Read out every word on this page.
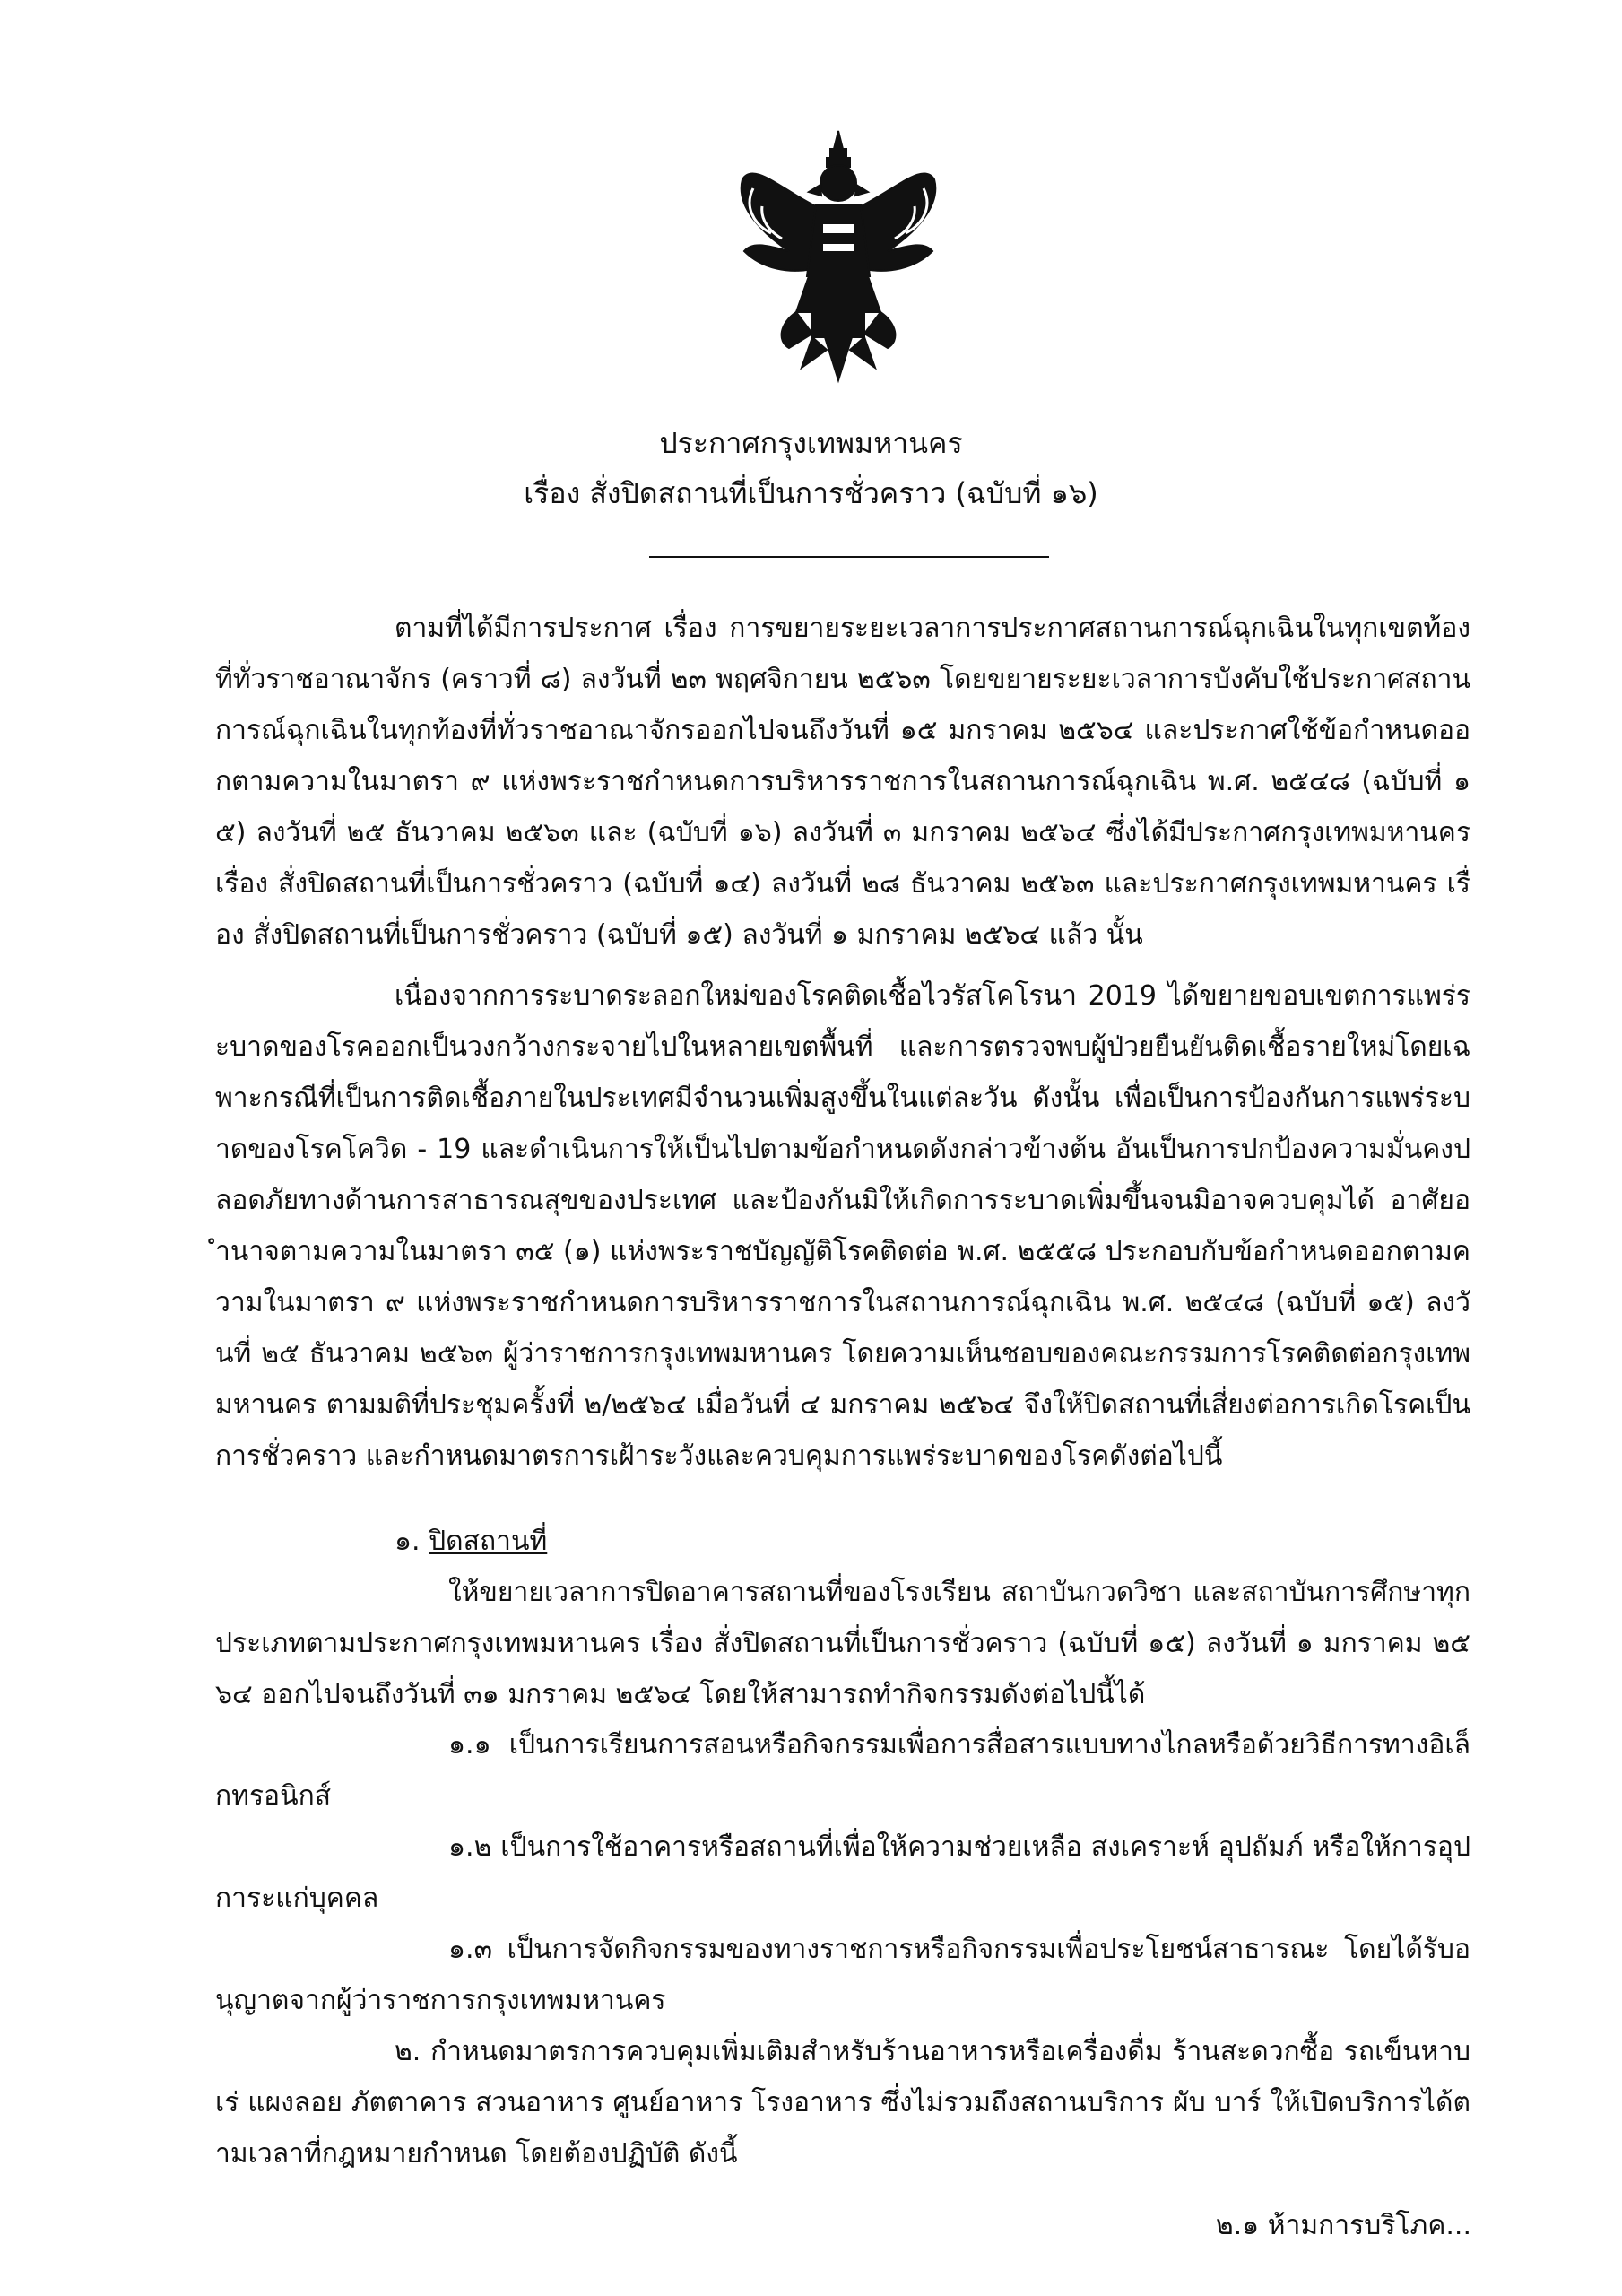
ประกาศกรุงเทพมหานคร
เรื่อง สั่งปิดสถานที่เป็นการชั่วคราว (ฉบับที่ ๑๖)
ตามที่ได้มีการประกาศ เรื่อง การขยายระยะเวลาการประกาศสถานการณ์ฉุกเฉินในทุกเขตท้องที่ทั่วราชอาณาจักร (คราวที่ ๘) ลงวันที่ ๒๓ พฤศจิกายน ๒๕๖๓ โดยขยายระยะเวลาการบังคับใช้ประกาศสถานการณ์ฉุกเฉินในทุกท้องที่ทั่วราชอาณาจักรออกไปจนถึงวันที่ ๑๕ มกราคม ๒๕๖๔ และประกาศใช้ข้อกำหนดออกตามความในมาตรา ๙ แห่งพระราชกำหนดการบริหารราชการในสถานการณ์ฉุกเฉิน พ.ศ. ๒๕๔๘ (ฉบับที่ ๑๕) ลงวันที่ ๒๕ ธันวาคม ๒๕๖๓ และ (ฉบับที่ ๑๖) ลงวันที่ ๓ มกราคม ๒๕๖๔ ซึ่งได้มีประกาศกรุงเทพมหานคร เรื่อง สั่งปิดสถานที่เป็นการชั่วคราว (ฉบับที่ ๑๔) ลงวันที่ ๒๘ ธันวาคม ๒๕๖๓ และประกาศกรุงเทพมหานคร เรื่อง สั่งปิดสถานที่เป็นการชั่วคราว (ฉบับที่ ๑๕) ลงวันที่ ๑ มกราคม ๒๕๖๔ แล้ว นั้น
เนื่องจากการระบาดระลอกใหม่ของโรคติดเชื้อไวรัสโคโรนา 2019 ได้ขยายขอบเขตการแพร่ระบาดของโรคออกเป็นวงกว้างกระจายไปในหลายเขตพื้นที่ และการตรวจพบผู้ป่วยยืนยันติดเชื้อรายใหม่โดยเฉพาะกรณีที่เป็นการติดเชื้อภายในประเทศมีจำนวนเพิ่มสูงขึ้นในแต่ละวัน ดังนั้น เพื่อเป็นการป้องกันการแพร่ระบาดของโรคโควิด - 19 และดำเนินการให้เป็นไปตามข้อกำหนดดังกล่าวข้างต้น อันเป็นการปกป้องความมั่นคงปลอดภัยทางด้านการสาธารณสุขของประเทศ และป้องกันมิให้เกิดการระบาดเพิ่มขึ้นจนมิอาจควบคุมได้ อาศัยอำนาจตามความในมาตรา ๓๕ (๑) แห่งพระราชบัญญัติโรคติดต่อ พ.ศ. ๒๕๕๘ ประกอบกับข้อกำหนดออกตามความในมาตรา ๙ แห่งพระราชกำหนดการบริหารราชการในสถานการณ์ฉุกเฉิน พ.ศ. ๒๕๔๘ (ฉบับที่ ๑๕) ลงวันที่ ๒๕ ธันวาคม ๒๕๖๓ ผู้ว่าราชการกรุงเทพมหานคร โดยความเห็นชอบของคณะกรรมการโรคติดต่อกรุงเทพมหานคร ตามมติที่ประชุมครั้งที่ ๒/๒๕๖๔ เมื่อวันที่ ๔ มกราคม ๒๕๖๔ จึงให้ปิดสถานที่เสี่ยงต่อการเกิดโรคเป็นการชั่วคราว และกำหนดมาตรการเฝ้าระวังและควบคุมการแพร่ระบาดของโรคดังต่อไปนี้
๑. ปิดสถานที่
ให้ขยายเวลาการปิดอาคารสถานที่ของโรงเรียน สถาบันกวดวิชา และสถาบันการศึกษาทุกประเภทตามประกาศกรุงเทพมหานคร เรื่อง สั่งปิดสถานที่เป็นการชั่วคราว (ฉบับที่ ๑๕) ลงวันที่ ๑ มกราคม ๒๕๖๔ ออกไปจนถึงวันที่ ๓๑ มกราคม ๒๕๖๔ โดยให้สามารถทำกิจกรรมดังต่อไปนี้ได้
๑.๑ เป็นการเรียนการสอนหรือกิจกรรมเพื่อการสื่อสารแบบทางไกลหรือด้วยวิธีการทางอิเล็กทรอนิกส์
๑.๒ เป็นการใช้อาคารหรือสถานที่เพื่อให้ความช่วยเหลือ สงเคราะห์ อุปถัมภ์ หรือให้การอุปการะแก่บุคคล
๑.๓ เป็นการจัดกิจกรรมของทางราชการหรือกิจกรรมเพื่อประโยชน์สาธารณะ โดยได้รับอนุญาตจากผู้ว่าราชการกรุงเทพมหานคร
๒. กำหนดมาตรการควบคุมเพิ่มเติมสำหรับร้านอาหารหรือเครื่องดื่ม ร้านสะดวกซื้อ รถเข็นหาบเร่ แผงลอย ภัตตาคาร สวนอาหาร ศูนย์อาหาร โรงอาหาร ซึ่งไม่รวมถึงสถานบริการ ผับ บาร์ ให้เปิดบริการได้ตามเวลาที่กฎหมายกำหนด โดยต้องปฏิบัติ ดังนี้
๒.๑ ห้ามการบริโภค...
